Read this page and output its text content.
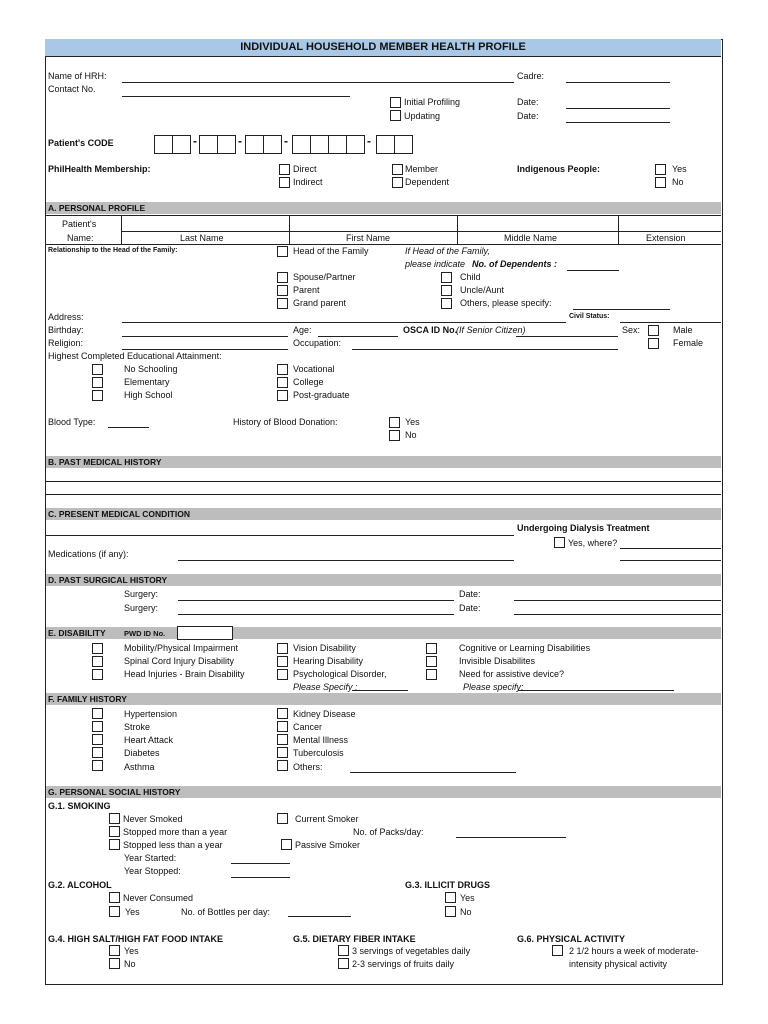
INDIVIDUAL HOUSEHOLD MEMBER HEALTH PROFILE
Name of HRH:	Cadre:
Contact No.
Initial Profiling	Date:
Updating	Date:
Patient's CODE	-	-	-	-
PhilHealth Membership:	Direct
Indirect
Member
Dependent
Indigenous People:	Yes
No
A. PERSONAL PROFILE
Patient's
Name:	Last Name	First Name	Middle Name	Extension
Relationship to the Head of the Family:	Head of the Family	If Head of the Family,
please indicate No. of Dependents :
Spouse/Partner	Child
Parent	Uncle/Aunt
Grand parent	Others, please specify:
Address:	Civil Status:
Birthday:	Age:	OSCA ID No.
(If Senior Citizen)	Sex:	Male
Religion:	Occupation:	Female
Highest Completed Educational Attainment:
No Schooling	Vocational
Elementary	College
High School	Post-graduate
Blood Type:	History of Blood Donation:	Yes
No
B. PAST MEDICAL HISTORY
C. PRESENT MEDICAL CONDITION
Undergoing Dialysis Treatment
Yes, where?
Medications (if any):
D. PAST SURGICAL HISTORY
Surgery:	Date:
Surgery:	Date:
E. DISABILITY	PWD ID No.
Mobility/Physical Impairment
Spinal Cord Injury Disability
Head Injuries - Brain Disability
Vision Disability
Hearing Disability
Psychological Disorder,
Please Specify :
Cognitive or Learning Disabilities
Invisible Disabilites
Need for assistive device?
Please specify:
F. FAMILY HISTORY
Hypertension
Stroke
Heart Attack
Diabetes
Asthma
Kidney Disease
Cancer
Mental Illness
Tuberculosis
Others:
G. PERSONAL SOCIAL HISTORY
G.1. SMOKING
Never Smoked	Current Smoker
Stopped more than a year	No. of Packs/day:
Stopped less than a year	Passive Smoker
Year Started:
Year Stopped:
G.2. ALCOHOL
Never Consumed
Yes	No. of Bottles per day:
G.3. ILLICIT DRUGS
Yes
No
G.4. HIGH SALT/HIGH FAT FOOD INTAKE
Yes
No
G.5. DIETARY FIBER INTAKE
3 servings of vegetables daily
2-3 servings of fruits daily
G.6. PHYSICAL ACTIVITY
2 1/2 hours a week of moderate-
intensity physical activity
